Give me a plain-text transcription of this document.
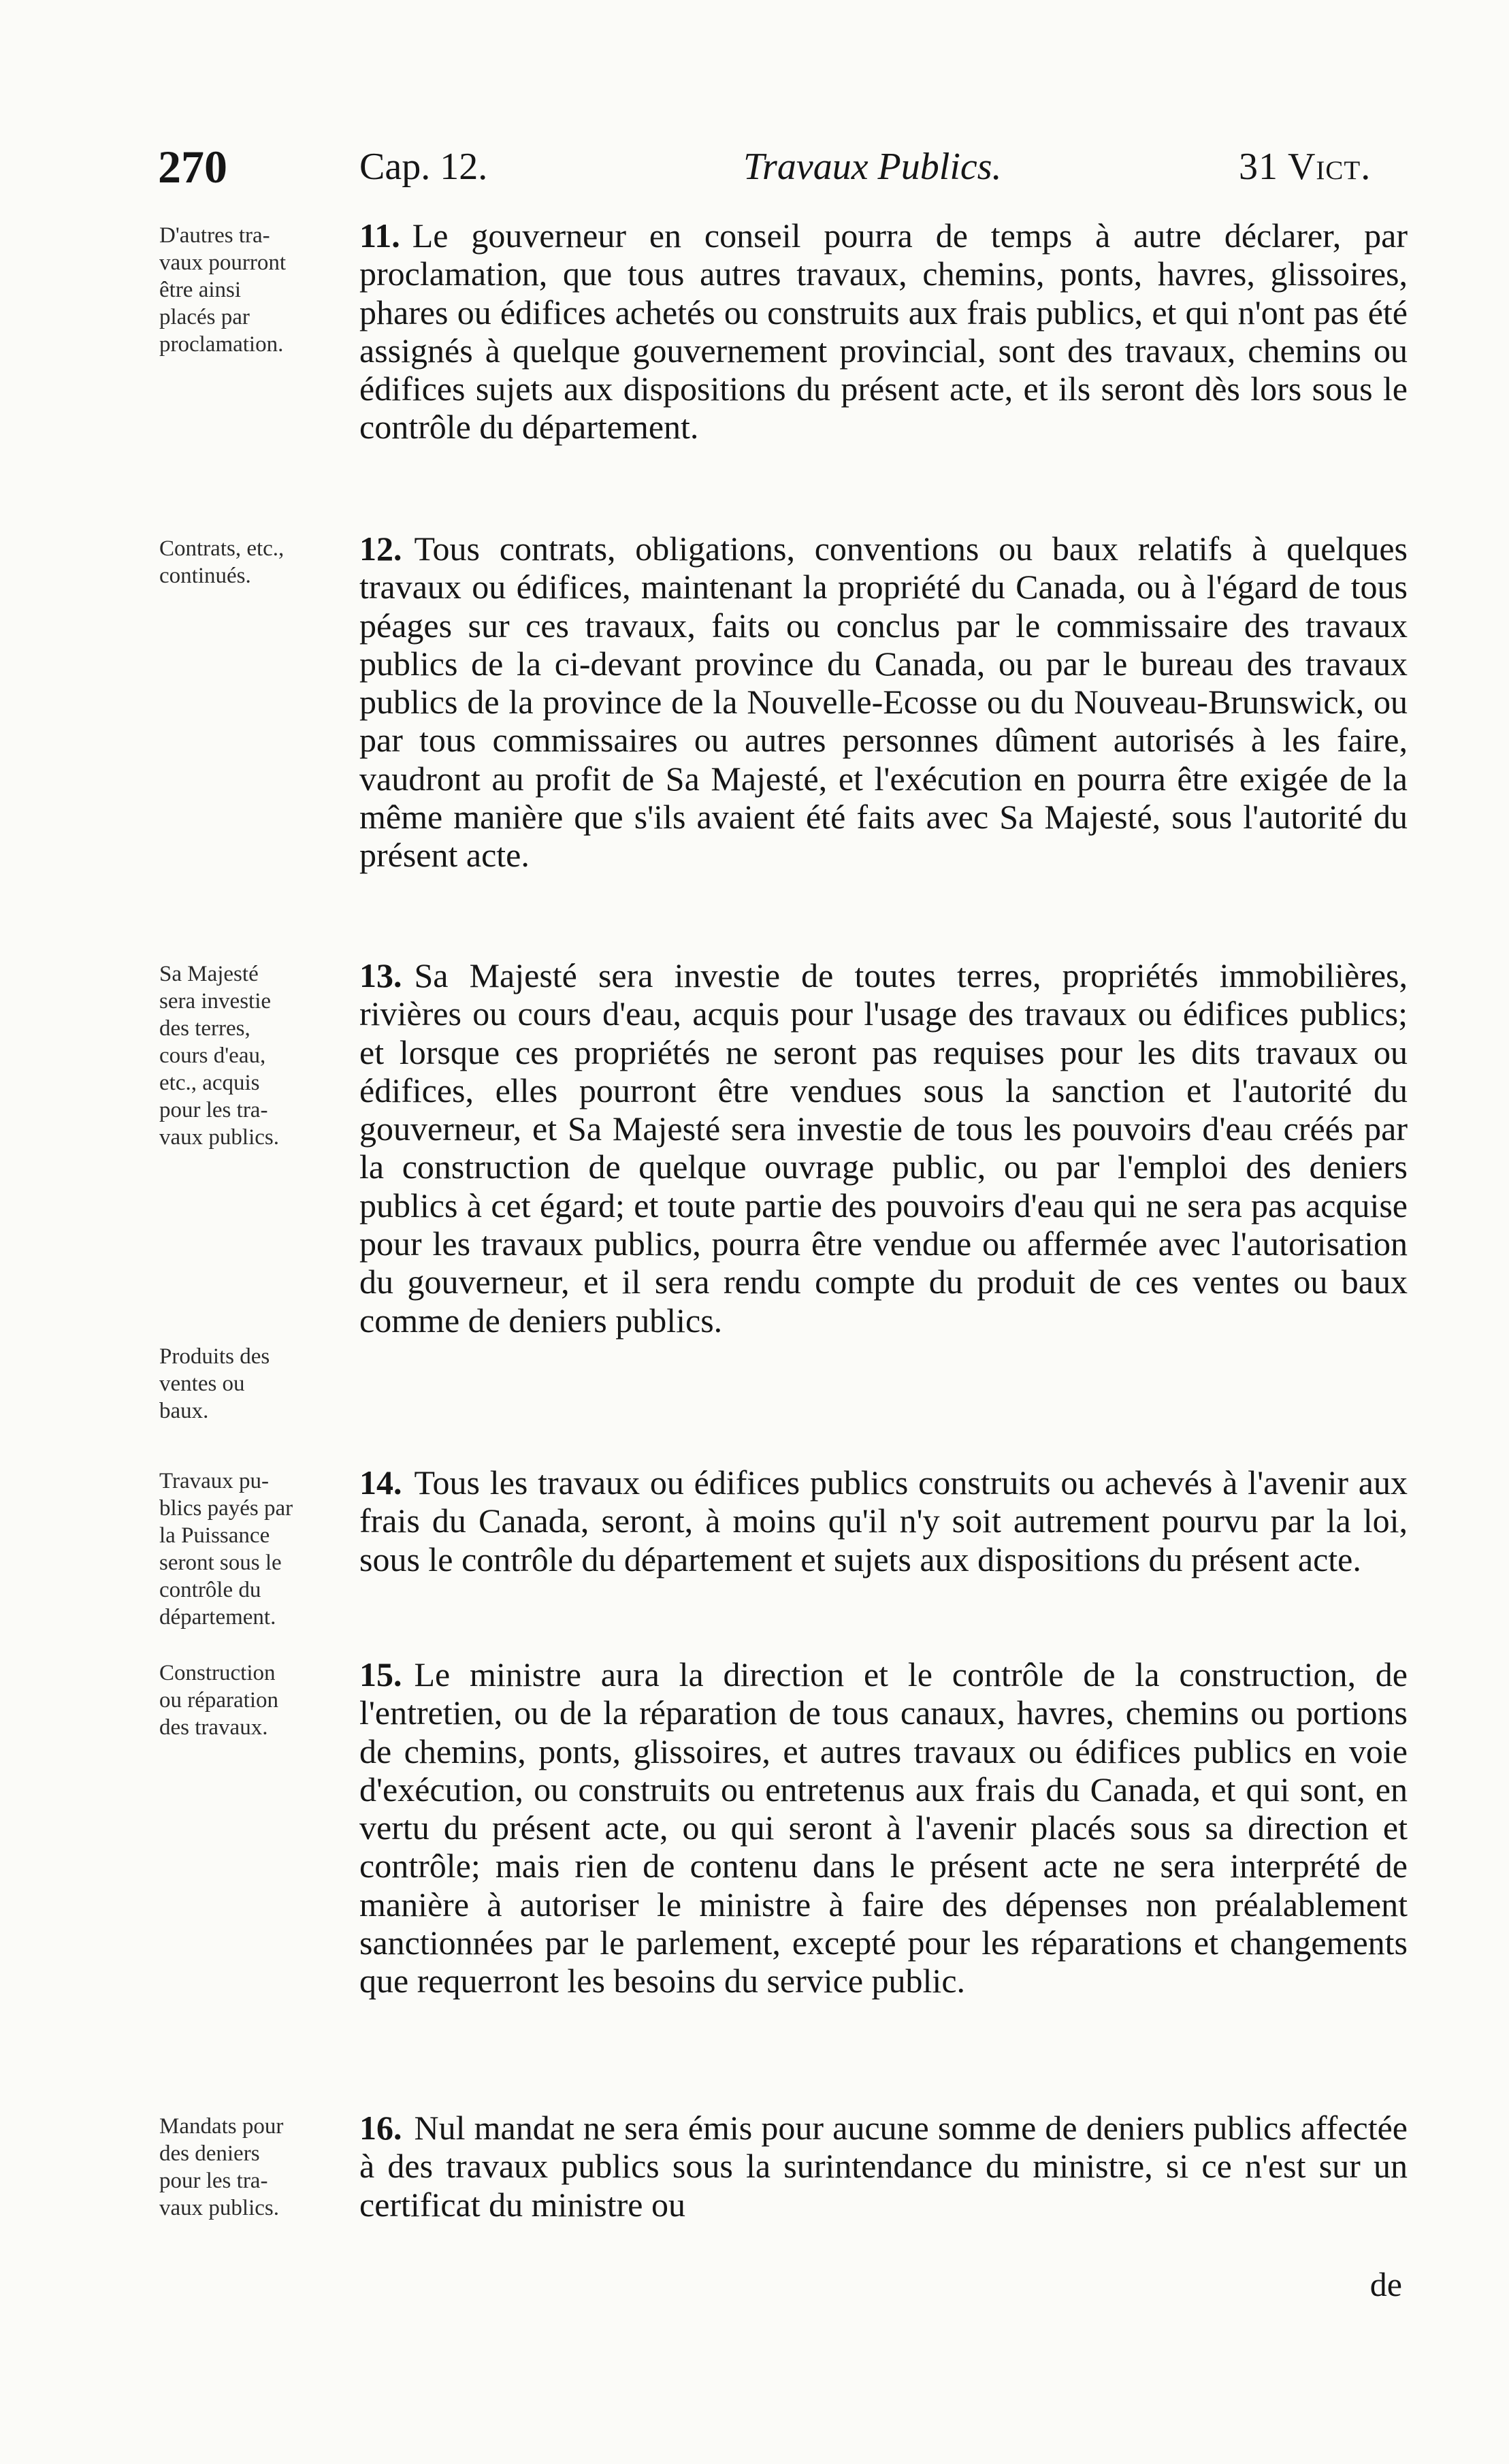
270	Cap. 12.	Travaux Publics.	31 Vict.
D'autres tra-
vaux pourront
être ainsi
placés par
proclamation.
11. Le gouverneur en conseil pourra de temps à autre déclarer, par proclamation, que tous autres travaux, chemins, ponts, havres, glissoires, phares ou édifices achetés ou construits aux frais publics, et qui n'ont pas été assignés à quelque gouvernement provincial, sont des travaux, chemins ou édifices sujets aux dispositions du présent acte, et ils seront dès lors sous le contrôle du département.
Contrats, etc.,
continués.
12. Tous contrats, obligations, conventions ou baux relatifs à quelques travaux ou édifices, maintenant la propriété du Canada, ou à l'égard de tous péages sur ces travaux, faits ou conclus par le commissaire des travaux publics de la ci-devant province du Canada, ou par le bureau des travaux publics de la province de la Nouvelle-Ecosse ou du Nouveau-Brunswick, ou par tous commissaires ou autres personnes dûment autorisés à les faire, vaudront au profit de Sa Majesté, et l'exécution en pourra être exigée de la même manière que s'ils avaient été faits avec Sa Majesté, sous l'autorité du présent acte.
Sa Majesté
sera investie
des terres,
cours d'eau,
etc., acquis
pour les tra-
vaux publics.
Produits des
ventes ou
baux.
13. Sa Majesté sera investie de toutes terres, propriétés immobilières, rivières ou cours d'eau, acquis pour l'usage des travaux ou édifices publics; et lorsque ces propriétés ne seront pas requises pour les dits travaux ou édifices, elles pourront être vendues sous la sanction et l'autorité du gouverneur, et Sa Majesté sera investie de tous les pouvoirs d'eau créés par la construction de quelque ouvrage public, ou par l'emploi des deniers publics à cet égard; et toute partie des pouvoirs d'eau qui ne sera pas acquise pour les travaux publics, pourra être vendue ou affermée avec l'autorisation du gouverneur, et il sera rendu compte du produit de ces ventes ou baux comme de deniers publics.
Travaux pu-
blics payés par
la Puissance
seront sous le
contrôle du
département.
14. Tous les travaux ou édifices publics construits ou achevés à l'avenir aux frais du Canada, seront, à moins qu'il n'y soit autrement pourvu par la loi, sous le contrôle du département et sujets aux dispositions du présent acte.
Construction
ou réparation
des travaux.
15. Le ministre aura la direction et le contrôle de la construction, de l'entretien, ou de la réparation de tous canaux, havres, chemins ou portions de chemins, ponts, glissoires, et autres travaux ou édifices publics en voie d'exécution, ou construits ou entretenus aux frais du Canada, et qui sont, en vertu du présent acte, ou qui seront à l'avenir placés sous sa direction et contrôle; mais rien de contenu dans le présent acte ne sera interprété de manière à autoriser le ministre à faire des dépenses non préalablement sanctionnées par le parlement, excepté pour les réparations et changements que requerront les besoins du service public.
Mandats pour
des deniers
pour les tra-
vaux publics.
16. Nul mandat ne sera émis pour aucune somme de deniers publics affectée à des travaux publics sous la surintendance du ministre, si ce n'est sur un certificat du ministre ou
de
